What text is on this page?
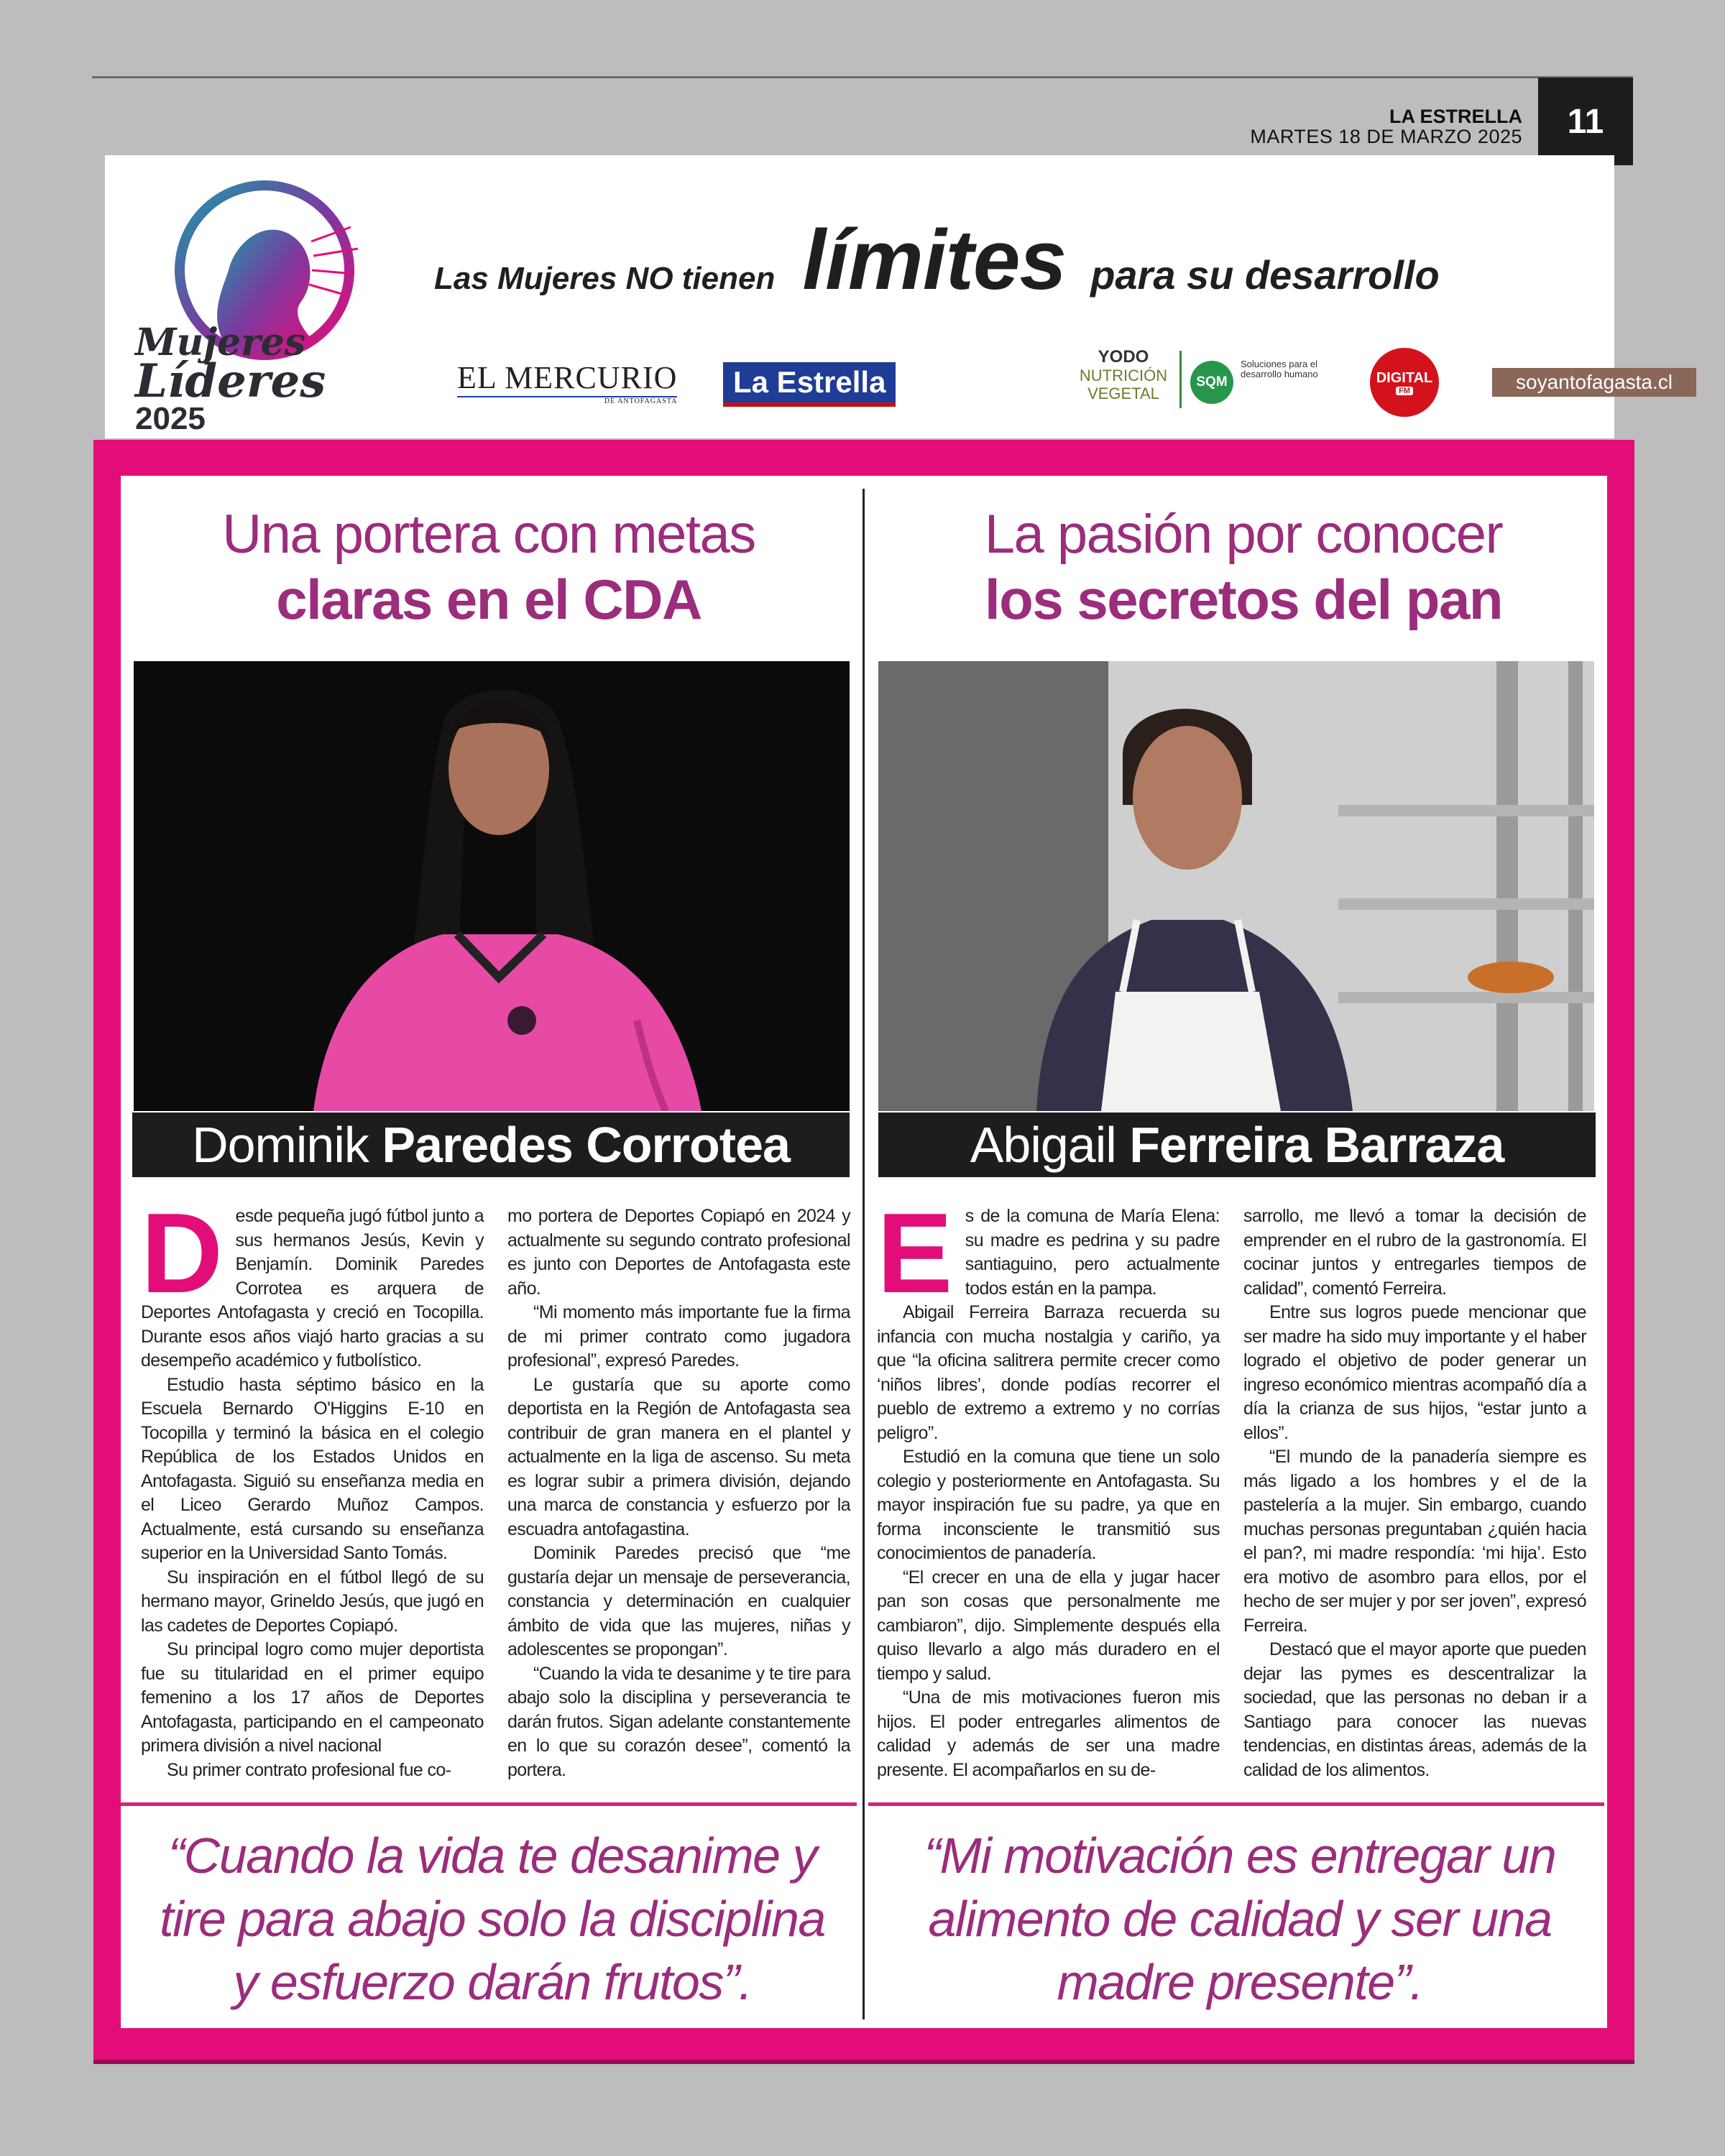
LA ESTRELLA
MARTES 18 DE MARZO 2025	11
Mujeres
Líderes 2025
Las Mujeres NO tienen límites para su desarrollo
EL MERCURIO
DE ANTOFAGASTA
La Estrella
YODO
NUTRICIÓN
VEGETAL
SQM
Soluciones para el desarrollo humano	DIGITAL
FM	soyantofagasta.cl
Una portera con metas
claras en el CDA
Dominik Paredes Corrotea
D esde pequeña jugó fútbol junto a sus hermanos Jesús, Kevin y Benjamín. Dominik Paredes Corrotea es arquera de Deportes Antofagasta y creció en Tocopilla. Durante esos años viajó harto gracias a su desempeño académico y futbolístico.

Estudio hasta séptimo básico en la Escuela Bernardo O'Higgins E-10 en Tocopilla y terminó la básica en el colegio República de los Estados Unidos en Antofagasta. Siguió su enseñanza media en el Liceo Gerardo Muñoz Campos. Actualmente, está cursando su enseñanza superior en la Universidad Santo Tomás.

Su inspiración en el fútbol llegó de su hermano mayor, Grineldo Jesús, que jugó en las cadetes de Deportes Copiapó.

Su principal logro como mujer deportista fue su titularidad en el primer equipo femenino a los 17 años de Deportes Antofagasta, participando en el campeonato primera división a nivel nacional

Su primer contrato profesional fue co-

mo portera de Deportes Copiapó en 2024 y actualmente su segundo contrato profesional es junto con Deportes de Antofagasta este año.

“Mi momento más importante fue la firma de mi primer contrato como jugadora profesional”, expresó Paredes.

Le gustaría que su aporte como deportista en la Región de Antofagasta sea contribuir de gran manera en el plantel y actualmente en la liga de ascenso. Su meta es lograr subir a primera división, dejando una marca de constancia y esfuerzo por la escuadra antofagastina.

Dominik Paredes precisó que “me gustaría dejar un mensaje de perseverancia, constancia y determinación en cualquier ámbito de vida que las mujeres, niñas y adolescentes se propongan”.

“Cuando la vida te desanime y te tire para abajo solo la disciplina y perseverancia te darán frutos. Sigan adelante constantemente en lo que su corazón desee”, comentó la portera.

“Cuando la vida te desanime y tire para abajo solo la disciplina y esfuerzo darán frutos”.
La pasión por conocer
los secretos del pan
Abigail Ferreira Barraza
E s de la comuna de María Elena: su madre es pedrina y su padre santiaguino, pero actualmente todos están en la pampa.

Abigail Ferreira Barraza recuerda su infancia con mucha nostalgia y cariño, ya que “la oficina salitrera permite crecer como ‘niños libres’, donde podías recorrer el pueblo de extremo a extremo y no corrías peligro”.

Estudió en la comuna que tiene un solo colegio y posteriormente en Antofagasta. Su mayor inspiración fue su padre, ya que en forma inconsciente le transmitió sus conocimientos de panadería.

“El crecer en una de ella y jugar hacer pan son cosas que personalmente me cambiaron”, dijo. Simplemente después ella quiso llevarlo a algo más duradero en el tiempo y salud.

“Una de mis motivaciones fueron mis hijos. El poder entregarles alimentos de calidad y además de ser una madre presente. El acompañarlos en su de-

sarrollo, me llevó a tomar la decisión de emprender en el rubro de la gastronomía. El cocinar juntos y entregarles tiempos de calidad”, comentó Ferreira.

Entre sus logros puede mencionar que ser madre ha sido muy importante y el haber logrado el objetivo de poder generar un ingreso económico mientras acompañó día a día la crianza de sus hijos, “estar junto a ellos”.

“El mundo de la panadería siempre es más ligado a los hombres y el de la pastelería a la mujer. Sin embargo, cuando muchas personas preguntaban ¿quién hacia el pan?, mi madre respondía: ‘mi hija’. Esto era motivo de asombro para ellos, por el hecho de ser mujer y por ser joven”, expresó Ferreira.

Destacó que el mayor aporte que pueden dejar las pymes es descentralizar la sociedad, que las personas no deban ir a Santiago para conocer las nuevas tendencias, en distintas áreas, además de la calidad de los alimentos.

“Mi motivación es entregar un alimento de calidad y ser una madre presente”.
